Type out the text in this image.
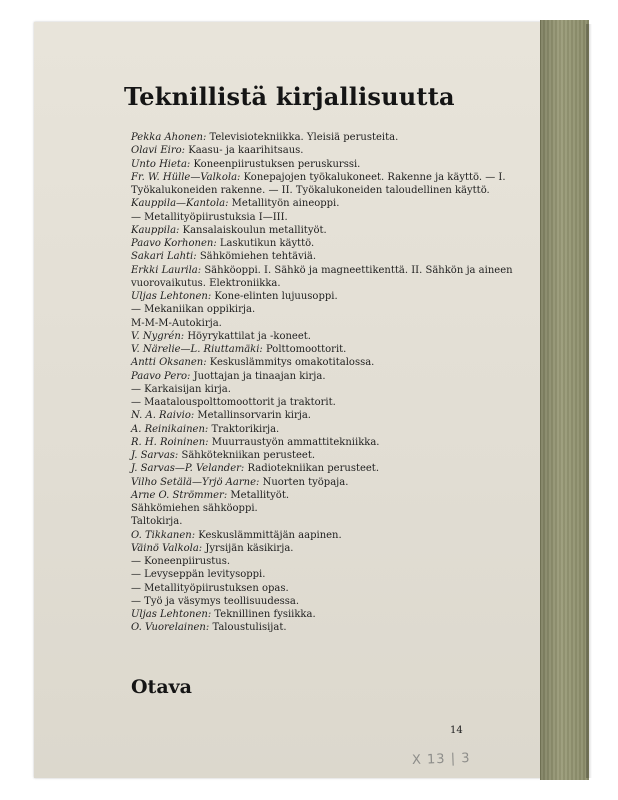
Teknillistä kirjallisuutta
Pekka Ahonen: Televisiotekniikka. Yleisiä perusteita.
Olavi Eiro: Kaasu- ja kaarihitsaus.
Unto Hieta: Koneenpiirustuksen peruskurssi.
Fr. W. Hülle—Valkola: Konepajojen työkalukoneet. Rakenne ja käyttö. — I. Työkalukoneiden rakenne. — II. Työkalukoneiden taloudellinen käyttö.
Kauppila—Kantola: Metallityön aineoppi.
— Metallityöpiirustuksia I—III.
Kauppila: Kansalaiskoulun metallityöt.
Paavo Korhonen: Laskutikun käyttö.
Sakari Lahti: Sähkömiehen tehtäviä.
Erkki Laurila: Sähköoppi. I. Sähkö ja magneettikenttä. II. Sähkön ja aineen vuorovaikutus. Elektroniikka.
Uljas Lehtonen: Kone-elinten lujuusoppi.
— Mekaniikan oppikirja.
M-M-M-Autokirja.
V. Nygrén: Höyrykattilat ja -koneet.
V. Närelie—L. Riuttamäki: Polttomoottorit.
Antti Oksanen: Keskuslämmitys omakotitalossa.
Paavo Pero: Juottajan ja tinaajan kirja.
— Karkaisijan kirja.
— Maatalouspolttomoottorit ja traktorit.
N. A. Raivio: Metallinsorvarin kirja.
A. Reinikainen: Traktorikirja.
R. H. Roininen: Muurraustyön ammattitekniikka.
J. Sarvas: Sähkötekniikan perusteet.
J. Sarvas—P. Velander: Radiotekniikan perusteet.
Vilho Setälä—Yrjö Aarne: Nuorten työpaja.
Arne O. Strömmer: Metallityöt.
Sähkömiehen sähköoppi.
Taltokirja.
O. Tikkanen: Keskuslämmittäjän aapinen.
Väinö Valkola: Jyrsijän käsikirja.
— Koneenpiirustus.
— Levyseppän levitysoppi.
— Metallityöpiirustuksen opas.
— Työ ja väsymys teollisuudessa.
Uljas Lehtonen: Teknillinen fysiikka.
O. Vuorelainen: Taloustulisijat.
Otava
14
X 13 | 3
